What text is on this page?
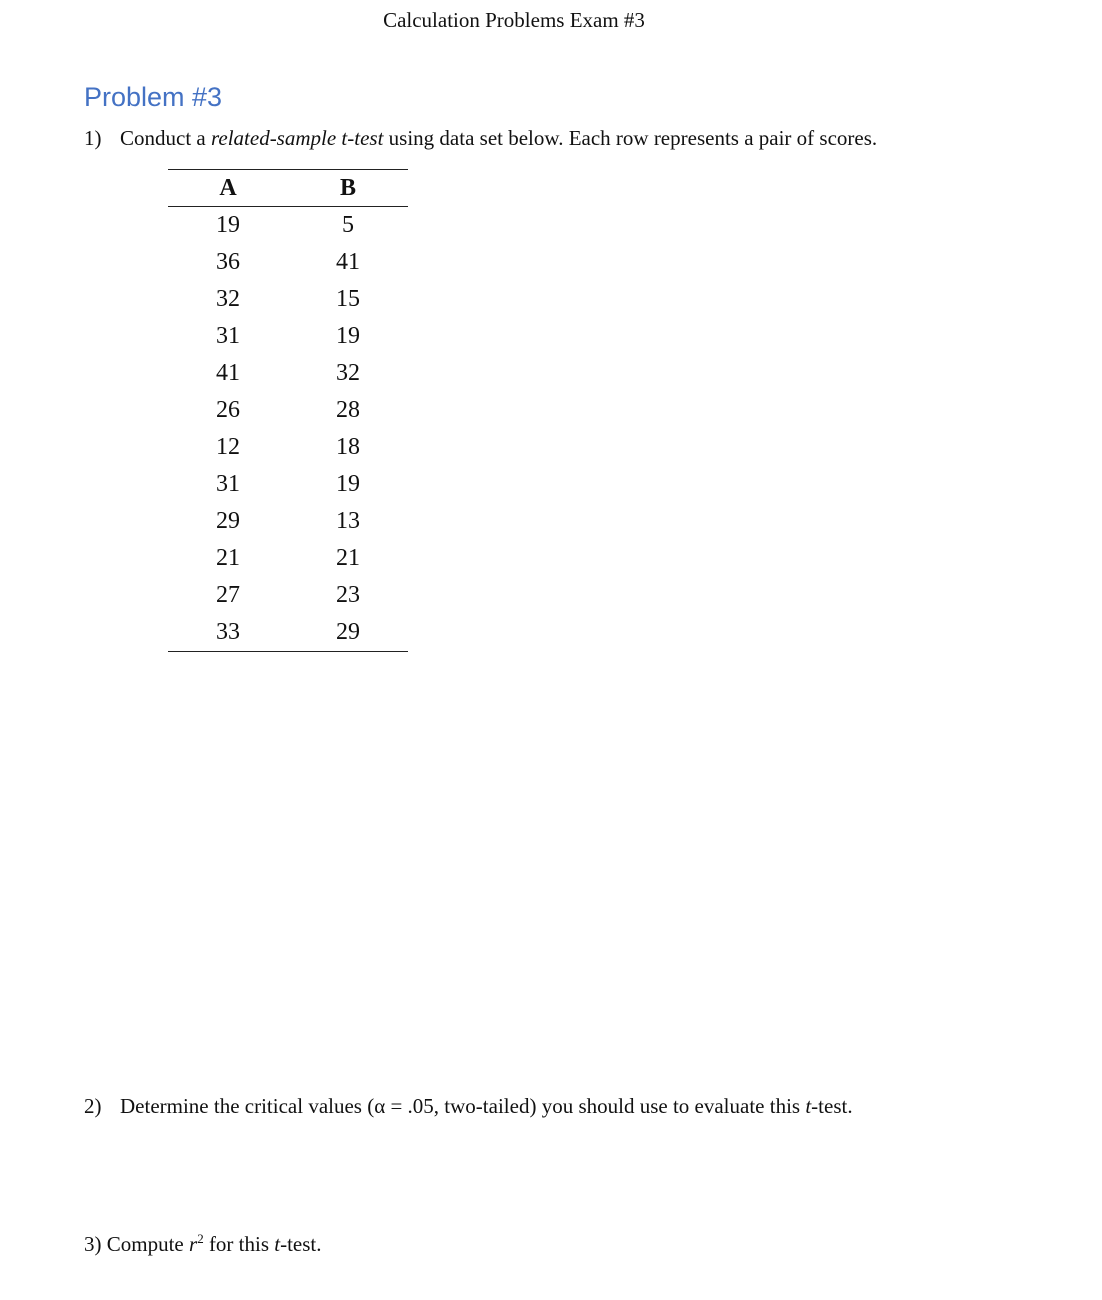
Calculation Problems Exam #3
Problem #3
1) Conduct a related-sample t-test using data set below. Each row represents a pair of scores.
A	B
19	5
36	41
32	15
31	19
41	32
26	28
12	18
31	19
29	13
21	21
27	23
33	29
2) Determine the critical values (α = .05, two-tailed) you should use to evaluate this t-test.
3) Compute $r^2$ for this t-test.
